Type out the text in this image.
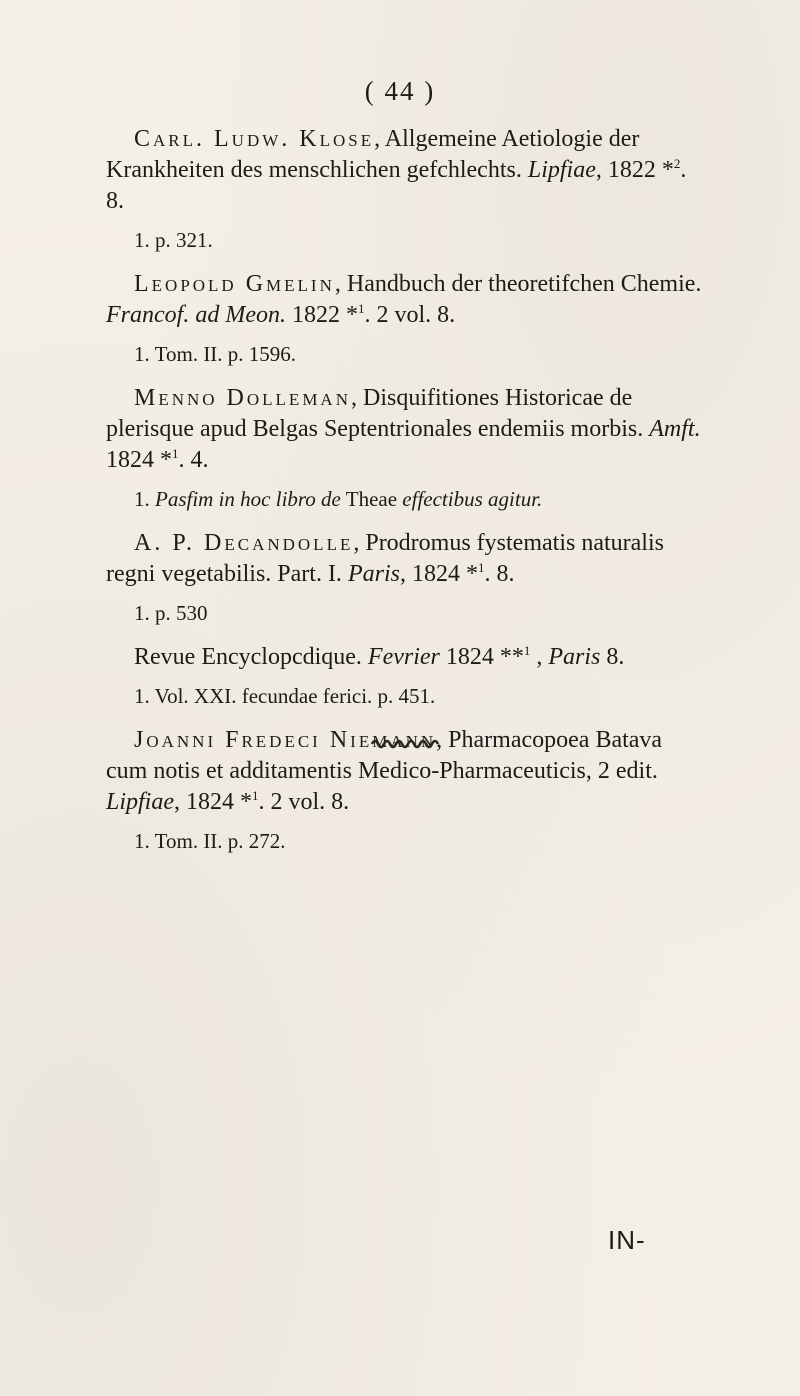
( 44 )

Carl. Ludw. Klose, Allgemeine Aetiologie der Krankheiten des menschlichen gefchlechts. Lipfiae, 1822 *$^2$. 8.

1. p. 321.

Leopold Gmelin, Handbuch der theoretifchen Chemie. Francof. ad Meon. 1822 *$^1$. 2 vol. 8.

1. Tom. II. p. 1596.

Menno Dolleman, Disquifitiones Historicae de plerisque apud Belgas Septentrionales endemiis morbis. Amft. 1824 *$^1$. 4.

1. Pasfim in hoc libro de Theae effectibus agitur.

A. P. Decandolle, Prodromus fystematis naturalis regni vegetabilis. Part. I. Paris, 1824 *$^1$. 8.

1. p. 530

Revue Encyclopcdique. Fevrier 1824 **$^1$ , Paris 8.

1. Vol. XXI. fecundae ferici. p. 451.

Joanni Fredeci Niemann, Pharmacopoea Batava cum notis et additamentis Medico-Pharmaceuticis, 2 edit. Lipfiae, 1824 *$^1$. 2 vol. 8.

1. Tom. II. p. 272.
IN-
